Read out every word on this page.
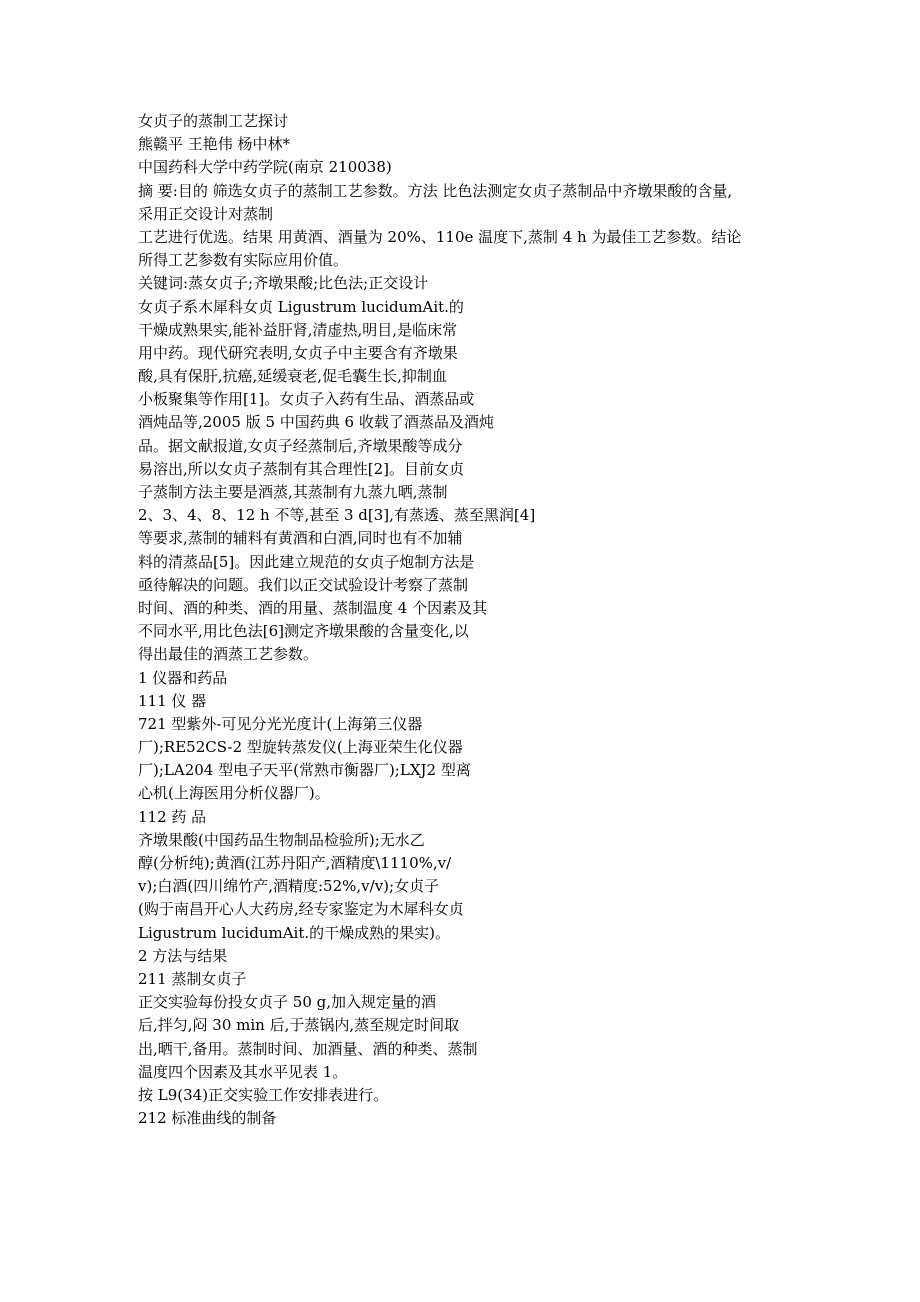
女贞子的蒸制工艺探讨
熊赣平 王艳伟 杨中林*
中国药科大学中药学院(南京 210038)
摘 要:目的 筛选女贞子的蒸制工艺参数。方法 比色法测定女贞子蒸制品中齐墩果酸的含量,
采用正交设计对蒸制
工艺进行优选。结果 用黄酒、酒量为 20%、110e 温度下,蒸制 4 h 为最佳工艺参数。结论
所得工艺参数有实际应用价值。
关键词:蒸女贞子;齐墩果酸;比色法;正交设计
女贞子系木犀科女贞 Ligustrum lucidumAit.的
干燥成熟果实,能补益肝肾,清虚热,明目,是临床常
用中药。现代研究表明,女贞子中主要含有齐墩果
酸,具有保肝,抗癌,延缓衰老,促毛囊生长,抑制血
小板聚集等作用[1]。女贞子入药有生品、酒蒸品或
酒炖品等,2005 版 5 中国药典 6 收载了酒蒸品及酒炖
品。据文献报道,女贞子经蒸制后,齐墩果酸等成分
易溶出,所以女贞子蒸制有其合理性[2]。目前女贞
子蒸制方法主要是酒蒸,其蒸制有九蒸九晒,蒸制
2、3、4、8、12 h 不等,甚至 3 d[3],有蒸透、蒸至黑润[4]
等要求,蒸制的辅料有黄酒和白酒,同时也有不加辅
料的清蒸品[5]。因此建立规范的女贞子炮制方法是
亟待解决的问题。我们以正交试验设计考察了蒸制
时间、酒的种类、酒的用量、蒸制温度 4 个因素及其
不同水平,用比色法[6]测定齐墩果酸的含量变化,以
得出最佳的酒蒸工艺参数。
1 仪器和药品
111 仪 器
721 型紫外-可见分光光度计(上海第三仪器
厂);RE52CS-2 型旋转蒸发仪(上海亚荣生化仪器
厂);LA204 型电子天平(常熟市衡器厂);LXJ2 型离
心机(上海医用分析仪器厂)。
112 药 品
齐墩果酸(中国药品生物制品检验所);无水乙
醇(分析纯);黄酒(江苏丹阳产,酒精度\1110%,v/
v);白酒(四川绵竹产,酒精度:52%,v/v);女贞子
(购于南昌开心人大药房,经专家鉴定为木犀科女贞
Ligustrum lucidumAit.的干燥成熟的果实)。
2 方法与结果
211 蒸制女贞子
正交实验每份投女贞子 50 g,加入规定量的酒
后,拌匀,闷 30 min 后,于蒸锅内,蒸至规定时间取
出,晒干,备用。蒸制时间、加酒量、酒的种类、蒸制
温度四个因素及其水平见表 1。
按 L9(34)正交实验工作安排表进行。
212 标准曲线的制备
